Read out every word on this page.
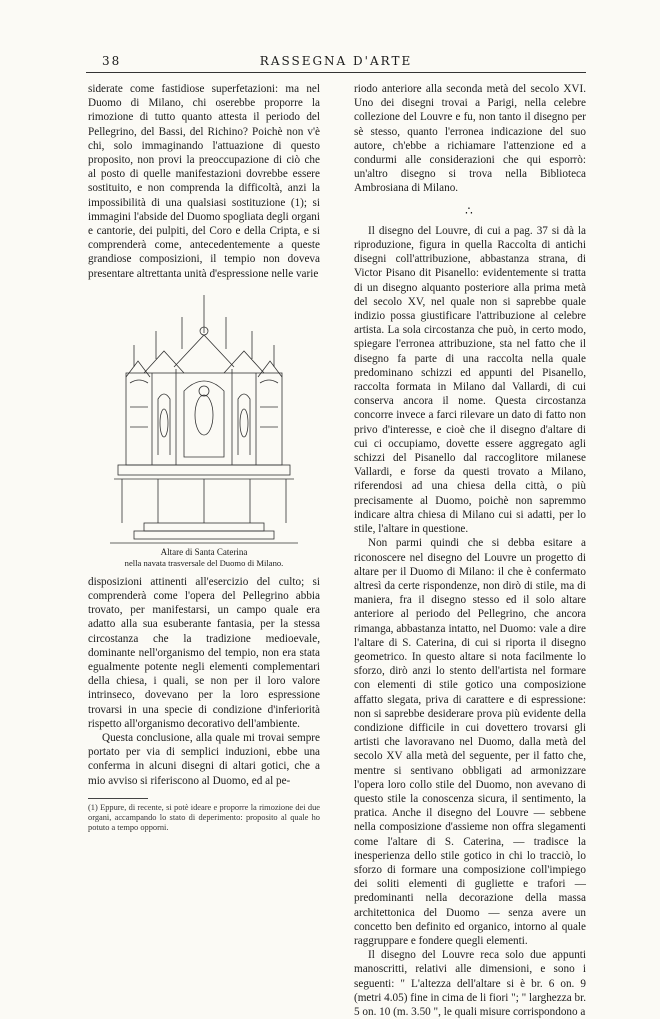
38	RASSEGNA D'ARTE

siderate come fastidiose superfetazioni: ma nel Duomo di Milano, chi oserebbe proporre la rimozione di tutto quanto attesta il periodo del Pellegrino, del Bassi, del Richino? Poichè non v'è chi, solo immaginando l'attuazione di questo proposito, non provi la preoccupazione di ciò che al posto di quelle manifestazioni dovrebbe essere sostituito, e non comprenda la difficoltà, anzi la impossibilità di una qualsiasi sostituzione (1); si immagini l'abside del Duomo spogliata degli organi e cantorie, dei pulpiti, del Coro e della Cripta, e si comprenderà come, antecedentemente a queste grandiose composizioni, il tempio non doveva presentare altrettanta unità d'espressione nelle varie

Altare di Santa Caterina
nella navata trasversale del Duomo di Milano.

disposizioni attinenti all'esercizio del culto; si comprenderà come l'opera del Pellegrino abbia trovato, per manifestarsi, un campo quale era adatto alla sua esuberante fantasia, per la stessa circostanza che la tradizione medioevale, dominante nell'organismo del tempio, non era stata egualmente potente negli elementi complementari della chiesa, i quali, se non per il loro valore intrinseco, dovevano per la loro espressione trovarsi in una specie di condizione d'inferiorità rispetto all'organismo decorativo dell'ambiente.

Questa conclusione, alla quale mi trovai sempre portato per via di semplici induzioni, ebbe una conferma in alcuni disegni di altari gotici, che a mio avviso si riferiscono al Duomo, ed al pe-

(1) Eppure, di recente, si potè ideare e proporre la rimozione dei due organi, accampando lo stato di deperimento: proposito al quale ho potuto a tempo opporni.

riodo anteriore alla seconda metà del secolo XVI. Uno dei disegni trovai a Parigi, nella celebre collezione del Louvre e fu, non tanto il disegno per sè stesso, quanto l'erronea indicazione del suo autore, ch'ebbe a richiamare l'attenzione ed a condurmi alle considerazioni che qui esporrò: un'altro disegno si trova nella Biblioteca Ambrosiana di Milano.

∴

Il disegno del Louvre, di cui a pag. 37 si dà la riproduzione, figura in quella Raccolta di antichi disegni coll'attribuzione, abbastanza strana, di Victor Pisano dit Pisanello: evidentemente si tratta di un disegno alquanto posteriore alla prima metà del secolo XV, nel quale non si saprebbe quale indizio possa giustificare l'attribuzione al celebre artista. La sola circostanza che può, in certo modo, spiegare l'erronea attribuzione, sta nel fatto che il disegno fa parte di una raccolta nella quale predominano schizzi ed appunti del Pisanello, raccolta formata in Milano dal Vallardi, di cui conserva ancora il nome. Questa circostanza concorre invece a farci rilevare un dato di fatto non privo d'interesse, e cioè che il disegno d'altare di cui ci occupiamo, dovette essere aggregato agli schizzi del Pisanello dal raccoglitore milanese Vallardi, e forse da questi trovato a Milano, riferendosi ad una chiesa della città, o più precisamente al Duomo, poichè non sapremmo indicare altra chiesa di Milano cui si adatti, per lo stile, l'altare in questione.

Non parmi quindi che si debba esitare a riconoscere nel disegno del Louvre un progetto di altare per il Duomo di Milano: il che è confermato altresì da certe rispondenze, non dirò di stile, ma di maniera, fra il disegno stesso ed il solo altare anteriore al periodo del Pellegrino, che ancora rimanga, abbastanza intatto, nel Duomo: vale a dire l'altare di S. Caterina, di cui si riporta il disegno geometrico. In questo altare si nota facilmente lo sforzo, dirò anzi lo stento dell'artista nel formare con elementi di stile gotico una composizione affatto slegata, priva di carattere e di espressione: non si saprebbe desiderare prova più evidente della condizione difficile in cui dovettero trovarsi gli artisti che lavoravano nel Duomo, dalla metà del secolo XV alla metà del seguente, per il fatto che, mentre si sentivano obbligati ad armonizzare l'opera loro collo stile del Duomo, non avevano di questo stile la conoscenza sicura, il sentimento, la pratica. Anche il disegno del Louvre — sebbene nella composizione d'assieme non offra slegamenti come l'altare di S. Caterina, — tradisce la inesperienza dello stile gotico in chi lo tracciò, lo sforzo di formare una composizione coll'impiego dei soliti elementi di gugliette e trafori — predominanti nella decorazione della massa architettonica del Duomo — senza avere un concetto ben definito ed organico, intorno al quale raggruppare e fondere quegli elementi.

Il disegno del Louvre reca solo due appunti manoscritti, relativi alle dimensioni, e sono i seguenti: " L'altezza dell'altare si è br. 6 on. 9 (metri 4.05) fine in cima de li fiori "; " larghezza br. 5 on. 10 (m. 3.50 ", le quali misure corrispondono a
